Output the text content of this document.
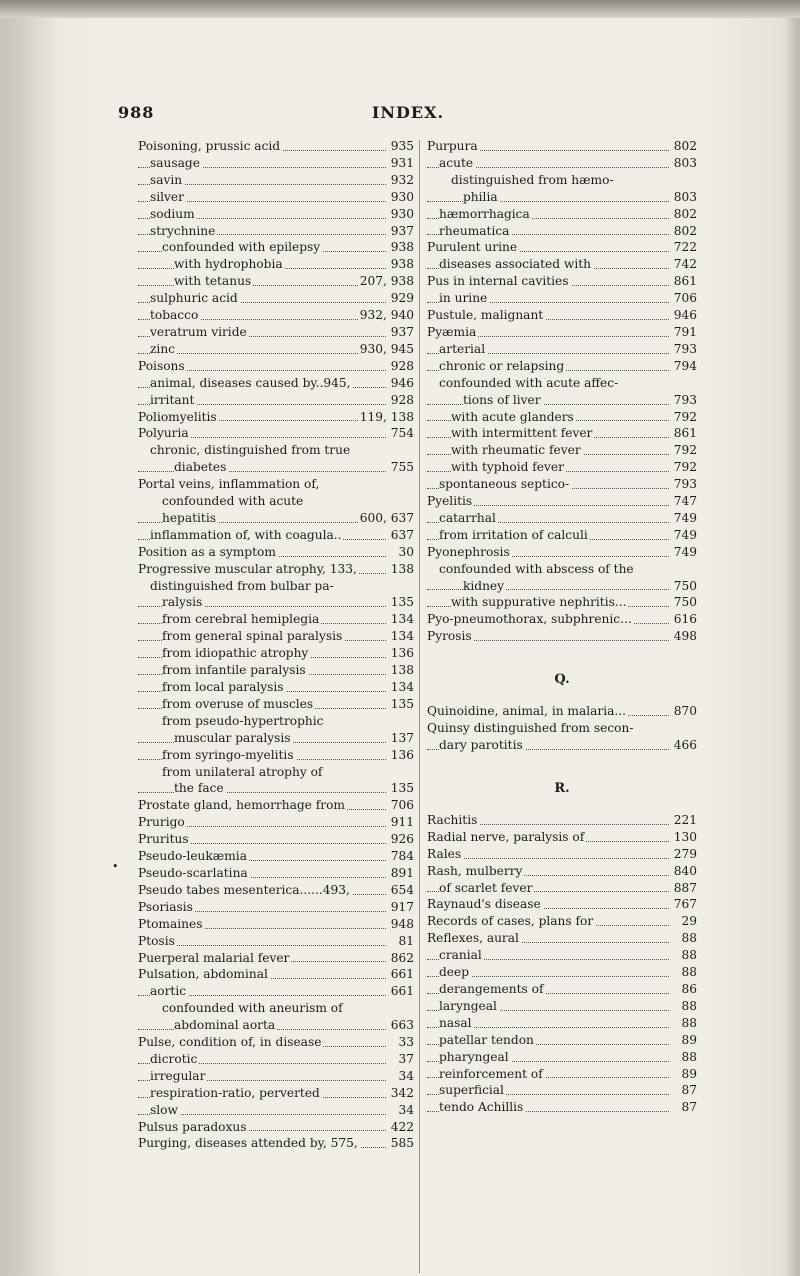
988	INDEX.
•
Poisoning, prussic acid	935
sausage	931
savin	932
silver	930
sodium	930
strychnine	937
confounded with epilepsy	938
with hydrophobia	938
with tetanus	207, 938
sulphuric acid	929
tobacco	932, 940
veratrum viride	937
zinc	930, 945
Poisons	928
animal, diseases caused by..945,	946
irritant	928
Poliomyelitis	119, 138
Polyuria	754
chronic, distinguished from true
diabetes	755
Portal veins, inflammation of,
confounded with acute
hepatitis	600, 637
inflammation of, with coagula..	637
Position as a symptom	30
Progressive muscular atrophy, 133,	138
distinguished from bulbar pa-
ralysis	135
from cerebral hemiplegia	134
from general spinal paralysis	134
from idiopathic atrophy	136
from infantile paralysis	138
from local paralysis	134
from overuse of muscles	135
from pseudo-hypertrophic
muscular paralysis	137
from syringo-myelitis	136
from unilateral atrophy of
the face	135
Prostate gland, hemorrhage from	706
Prurigo	911
Pruritus	926
Pseudo-leukæmia	784
Pseudo-scarlatina	891
Pseudo tabes mesenterica......493,	654
Psoriasis	917
Ptomaines	948
Ptosis	81
Puerperal malarial fever	862
Pulsation, abdominal	661
aortic	661
confounded with aneurism of
abdominal aorta	663
Pulse, condition of, in disease	33
dicrotic	37
irregular	34
respiration-ratio, perverted	342
slow	34
Pulsus paradoxus	422
Purging, diseases attended by, 575,	585
Purpura	802
acute	803
distinguished from hæmo-
philia	803
hæmorrhagica	802
rheumatica	802
Purulent urine	722
diseases associated with	742
Pus in internal cavities	861
in urine	706
Pustule, malignant	946
Pyæmia	791
arterial	793
chronic or relapsing	794
confounded with acute affec-
tions of liver	793
with acute glanders	792
with intermittent fever	861
with rheumatic fever	792
with typhoid fever	792
spontaneous septico-	793
Pyelitis	747
catarrhal	749
from irritation of calculi	749
Pyonephrosis	749
confounded with abscess of the
kidney	750
with suppurative nephritis...	750
Pyo-pneumothorax, subphrenic...	616
Pyrosis	498
Q.
Quinoidine, animal, in malaria...	870
Quinsy distinguished from secon-
dary parotitis	466
R.
Rachitis	221
Radial nerve, paralysis of	130
Rales	279
Rash, mulberry	840
of scarlet fever	887
Raynaud's disease	767
Records of cases, plans for	29
Reflexes, aural	88
cranial	88
deep	88
derangements of	86
laryngeal	88
nasal	88
patellar tendon	89
pharyngeal	88
reinforcement of	89
superficial	87
tendo Achillis	87
